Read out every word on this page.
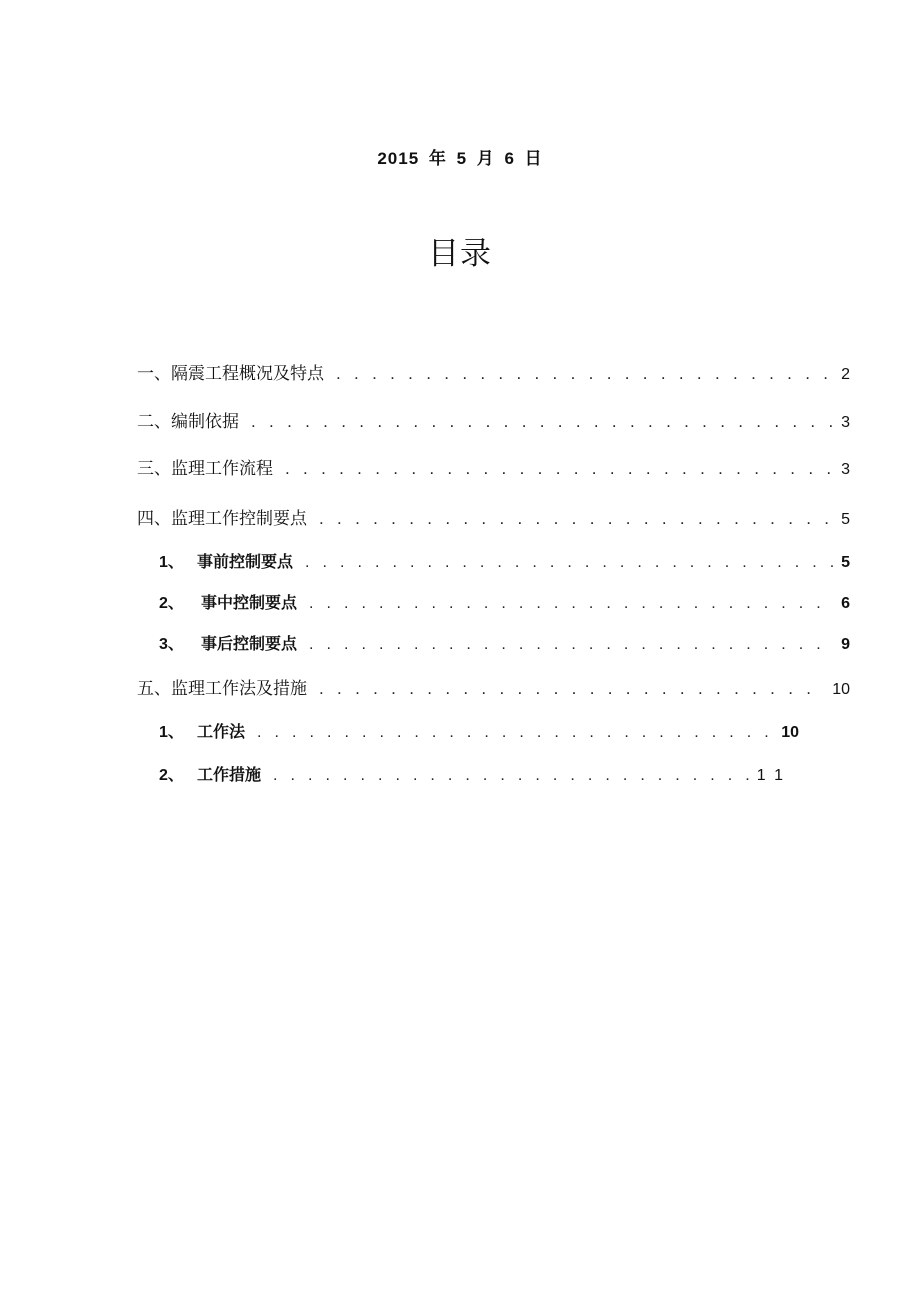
2015 年 5 月 6 日
目录
一、隔震工程概况及特点 . . .	2
二、编制依据 . . .	3
三、监理工作流程 . . .	3
四、监理工作控制要点 . . .	5
1、 事前控制要点 . . .	5
2、	事中控制要点 . . .	6
3、	事后控制要点 . . .	9
五、监理工作法及措施 . . .	10
1、 工作法 . . .	10
2、 工作措施 . . .	1 1
